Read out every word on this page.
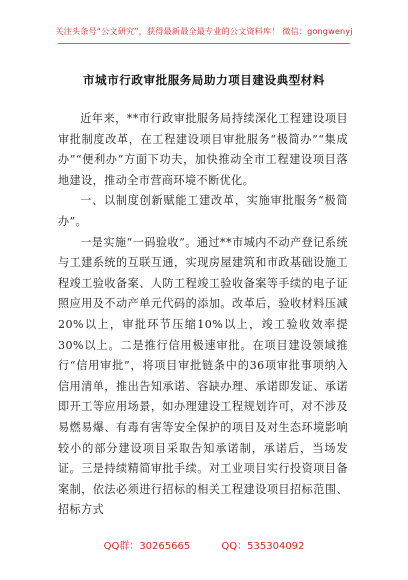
关注头条号“公文研究”，获得最新最全最专业的公文资料库！ 微信：gongwenyj
市城市行政审批服务局助力项目建设典型材料

近年来，**市行政审批服务局持续深化工程建设项目审批制度改革，在工程建设项目审批服务“极简办”“集成办”“便利办”方面下功夫，加快推动全市工程建设项目落地建设，推动全市营商环境不断优化。

一、以制度创新赋能工建改革，实施审批服务“极简办”。

一是实施“一码验收”。通过**市城内不动产登记系统与工建系统的互联互通，实现房屋建筑和市政基础设施工程竣工验收备案、人防工程竣工验收备案等手续的电子证照应用及不动产单元代码的添加。改革后，验收材料压减20%以上，审批环节压缩10%以上，竣工验收效率提30%以上。二是推行信用极速审批。在项目建设领域推行“信用审批”，将项目审批链条中的36项审批事项纳入信用清单，推出告知承诺、容缺办理、承诺即发证、承诺即开工等应用场景，如办理建设工程规划许可，对不涉及易燃易爆、有毒有害等安全保护的项目及对生态环境影响较小的部分建设项目采取告知承诺制，承诺后，当场发证。三是持续精简审批手续。对工业项目实行投资项目备案制，依法必须进行招标的相关工程建设项目招标范围、招标方式

QQ群：30265665	QQ：535304092
